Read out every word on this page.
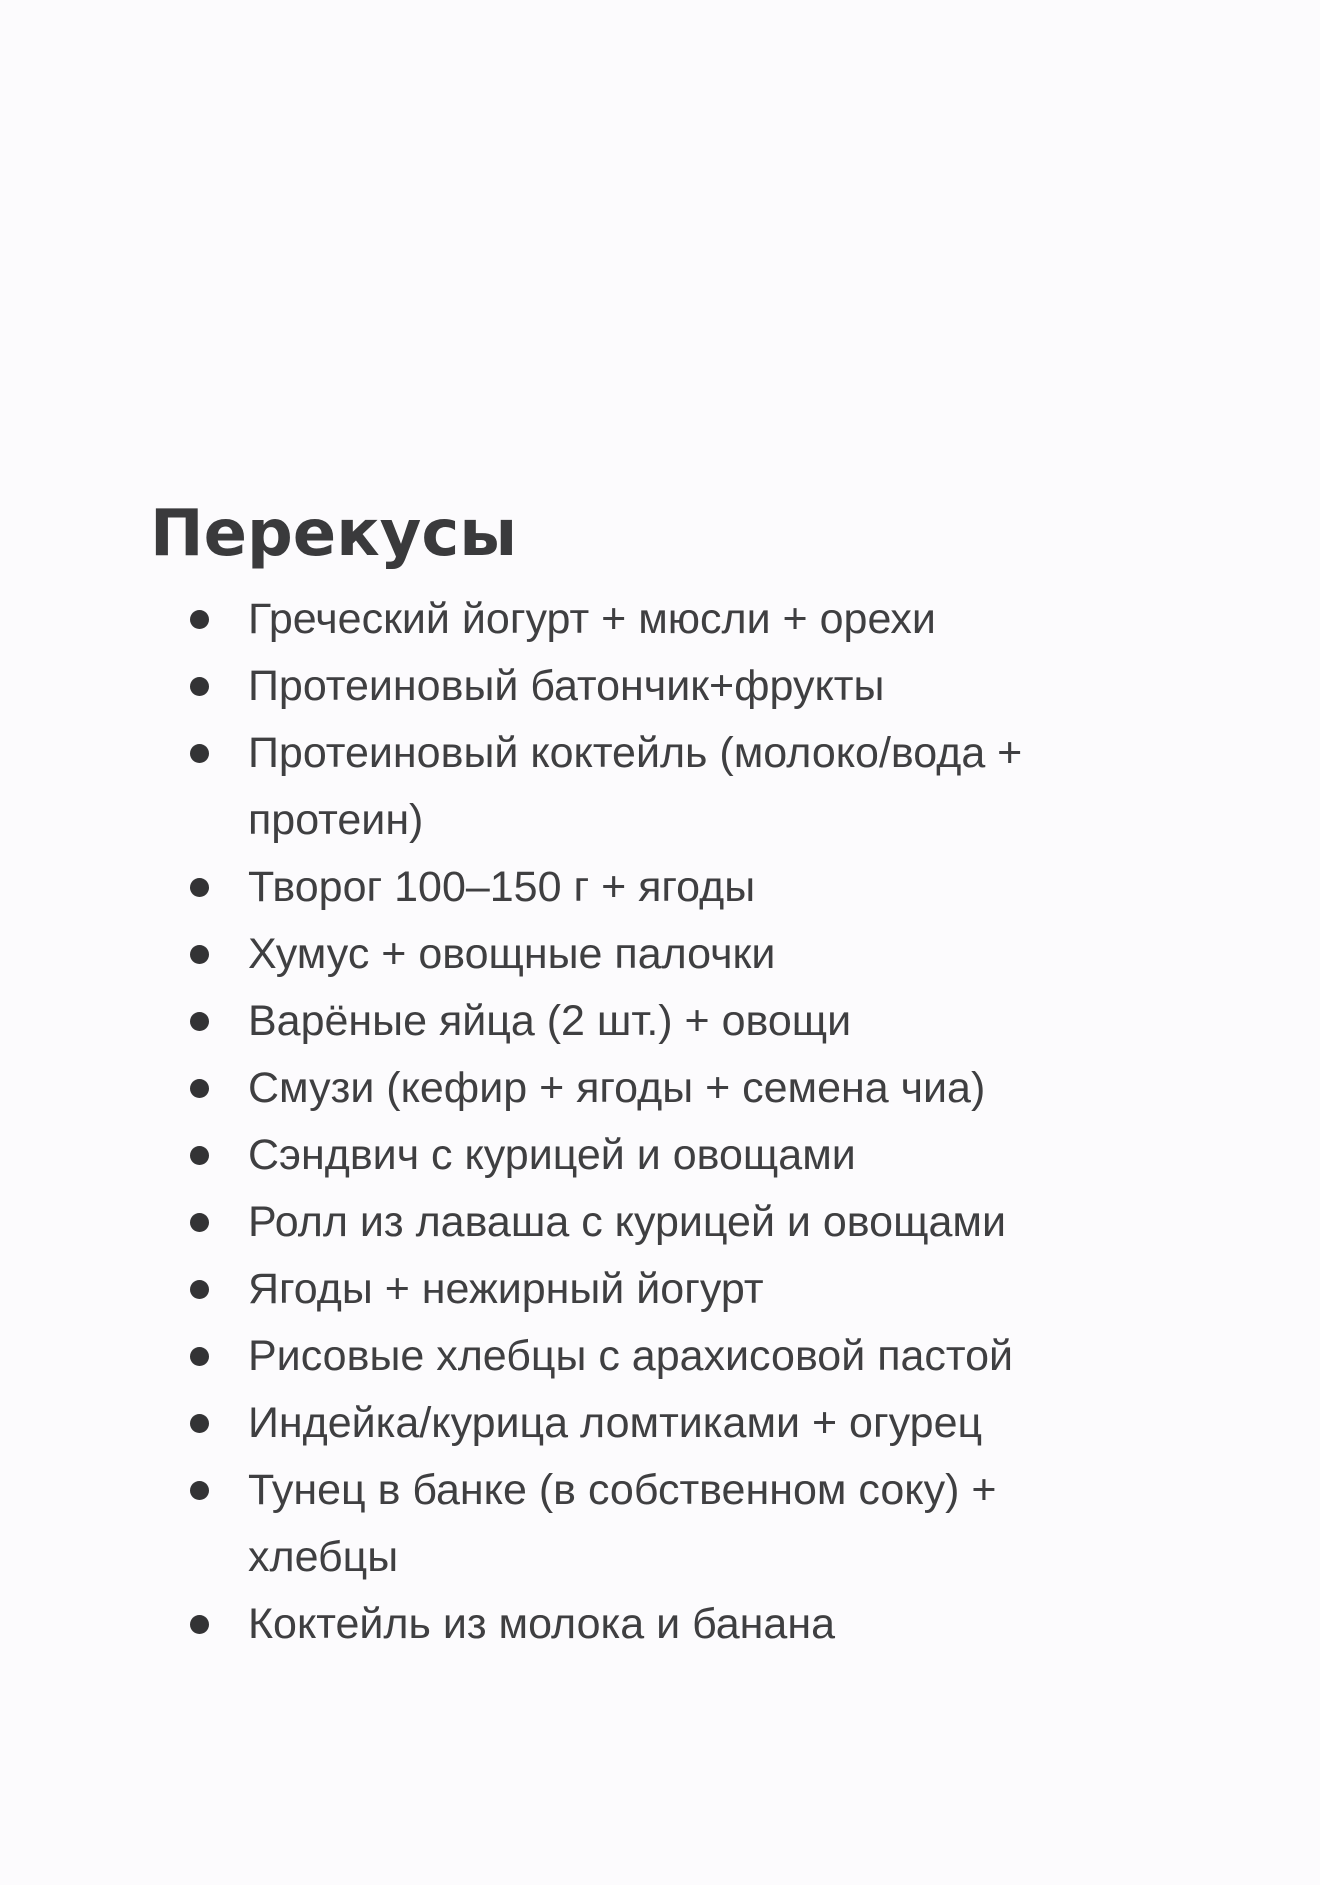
Перекусы
Греческий йогурт + мюсли + орехи
Протеиновый батончик+фрукты
Протеиновый коктейль (молоко/вода + протеин)
Творог 100–150 г + ягоды
Хумус + овощные палочки
Варёные яйца (2 шт.) + овощи
Смузи (кефир + ягоды + семена чиа)
Сэндвич с курицей и овощами
Ролл из лаваша с курицей и овощами
Ягоды + нежирный йогурт
Рисовые хлебцы с арахисовой пастой
Индейка/курица ломтиками + огурец
Тунец в банке (в собственном соку) + хлебцы
Коктейль из молока и банана
